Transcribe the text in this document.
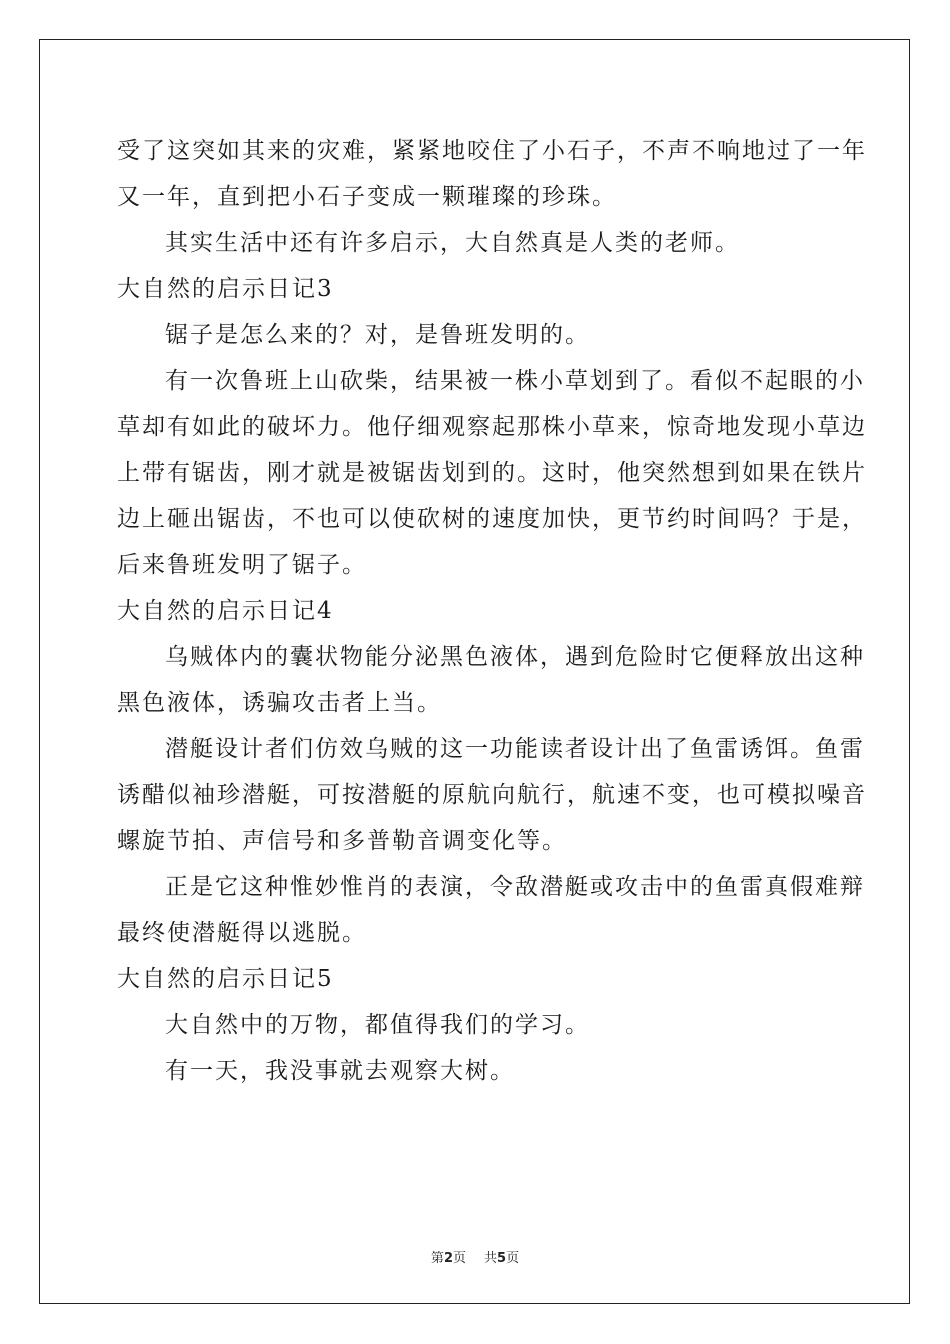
受了这突如其来的灾难，紧紧地咬住了小石子，不声不响地过了一年
又一年，直到把小石子变成一颗璀璨的珍珠。
其实生活中还有许多启示，大自然真是人类的老师。
大自然的启示日记3
锯子是怎么来的？对，是鲁班发明的。
有一次鲁班上山砍柴，结果被一株小草划到了。看似不起眼的小
草却有如此的破坏力。他仔细观察起那株小草来，惊奇地发现小草边
上带有锯齿，刚才就是被锯齿划到的。这时，他突然想到如果在铁片
边上砸出锯齿，不也可以使砍树的速度加快，更节约时间吗？于是，
后来鲁班发明了锯子。
大自然的启示日记4
乌贼体内的囊状物能分泌黑色液体，遇到危险时它便释放出这种
黑色液体，诱骗攻击者上当。
潜艇设计者们仿效乌贼的这一功能读者设计出了鱼雷诱饵。鱼雷
诱醋似袖珍潜艇，可按潜艇的原航向航行，航速不变，也可模拟噪音
螺旋节拍、声信号和多普勒音调变化等。
正是它这种惟妙惟肖的表演，令敌潜艇或攻击中的鱼雷真假难辩
最终使潜艇得以逃脱。
大自然的启示日记5
大自然中的万物，都值得我们的学习。
有一天，我没事就去观察大树。
第2页 共5页
